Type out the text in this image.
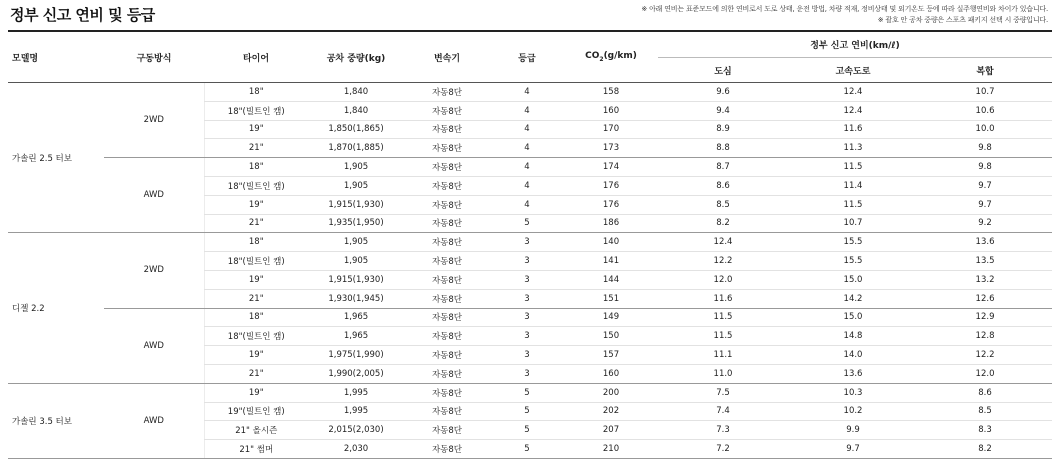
정부 신고 연비 및 등급	※ 아래 연비는 표준모드에 의한 연비로서 도로 상태, 운전 방법, 차량 적재, 정비상태 및 외기온도 등에 따라 실주행연비와 차이가 있습니다.
※ 괄호 안 공차 중량은 스포츠 패키지 선택 시 중량입니다.
모델명	구동방식	타이어	공차 중량(kg)	변속기	등급	$CO_2(g/km)$	정부 신고 연비(km/ℓ)		
							도심	고속도로	복합
가솔린 2.5 터보	2WD	18"	1,840	자동8단	4	158	9.6	12.4	10.7
		18"(빌트인 캠)	1,840	자동8단	4	160	9.4	12.4	10.6
		19"	1,850(1,865)	자동8단	4	170	8.9	11.6	10.0
		21"	1,870(1,885)	자동8단	4	173	8.8	11.3	9.8
	AWD	18"	1,905	자동8단	4	174	8.7	11.5	9.8
		18"(빌트인 캠)	1,905	자동8단	4	176	8.6	11.4	9.7
		19"	1,915(1,930)	자동8단	4	176	8.5	11.5	9.7
		21"	1,935(1,950)	자동8단	5	186	8.2	10.7	9.2
디젤 2.2	2WD	18"	1,905	자동8단	3	140	12.4	15.5	13.6
		18"(빌트인 캠)	1,905	자동8단	3	141	12.2	15.5	13.5
		19"	1,915(1,930)	자동8단	3	144	12.0	15.0	13.2
		21"	1,930(1,945)	자동8단	3	151	11.6	14.2	12.6
	AWD	18"	1,965	자동8단	3	149	11.5	15.0	12.9
		18"(빌트인 캠)	1,965	자동8단	3	150	11.5	14.8	12.8
		19"	1,975(1,990)	자동8단	3	157	11.1	14.0	12.2
		21"	1,990(2,005)	자동8단	3	160	11.0	13.6	12.0
가솔린 3.5 터보	AWD	19"	1,995	자동8단	5	200	7.5	10.3	8.6
		19"(빌트인 캠)	1,995	자동8단	5	202	7.4	10.2	8.5
		21" 올시즌	2,015(2,030)	자동8단	5	207	7.3	9.9	8.3
		21" 썸머	2,030	자동8단	5	210	7.2	9.7	8.2
